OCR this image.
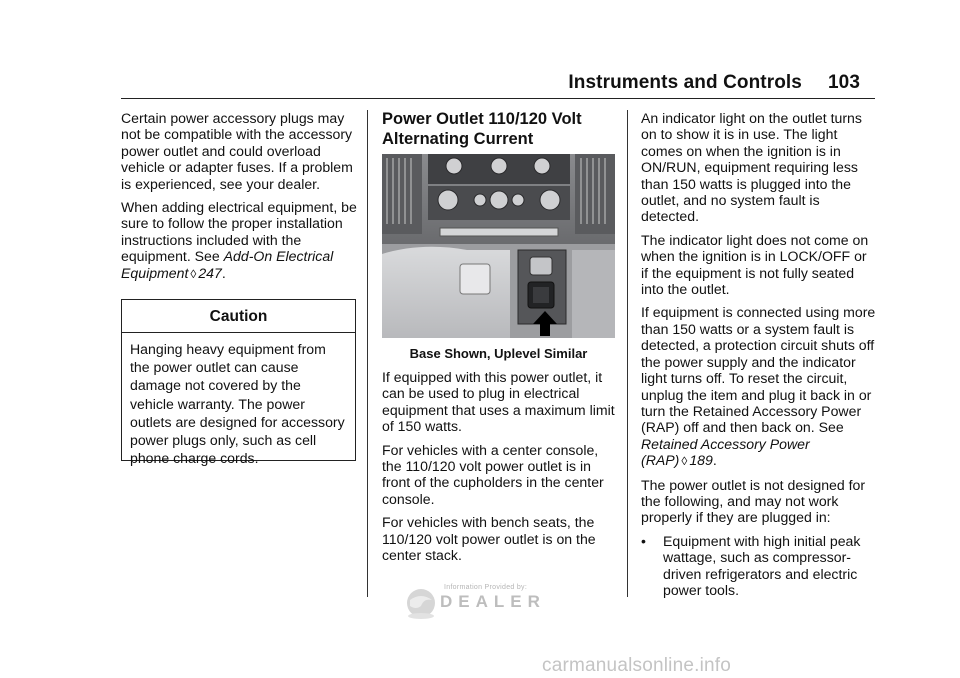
Instruments and Controls 103

Certain power accessory plugs may not be compatible with the accessory power outlet and could overload vehicle or adapter fuses. If a problem is experienced, see your dealer.

When adding electrical equipment, be sure to follow the proper installation instructions included with the equipment. See Add-On Electrical Equipment ◊ 247.

Caution
Hanging heavy equipment from the power outlet can cause damage not covered by the vehicle warranty. The power outlets are designed for accessory power plugs only, such as cell phone charge cords.
Power Outlet 110/120 Volt Alternating Current
Base Shown, Uplevel Similar

If equipped with this power outlet, it can be used to plug in electrical equipment that uses a maximum limit of 150 watts.

For vehicles with a center console, the 110/120 volt power outlet is in front of the cupholders in the center console.

For vehicles with bench seats, the 110/120 volt power outlet is on the center stack.

An indicator light on the outlet turns on to show it is in use. The light comes on when the ignition is in ON/RUN, equipment requiring less than 150 watts is plugged into the outlet, and no system fault is detected.

The indicator light does not come on when the ignition is in LOCK/OFF or if the equipment is not fully seated into the outlet.

If equipment is connected using more than 150 watts or a system fault is detected, a protection circuit shuts off the power supply and the indicator light turns off. To reset the circuit, unplug the item and plug it back in or turn the Retained Accessory Power (RAP) off and then back on. See Retained Accessory Power (RAP) ◊ 189.

The power outlet is not designed for the following, and may not work properly if they are plugged in:

•	Equipment with high initial peak wattage, such as compressor-driven refrigerators and electric power tools.
Information Provided by:
DEALER
carmanualsonline.info
